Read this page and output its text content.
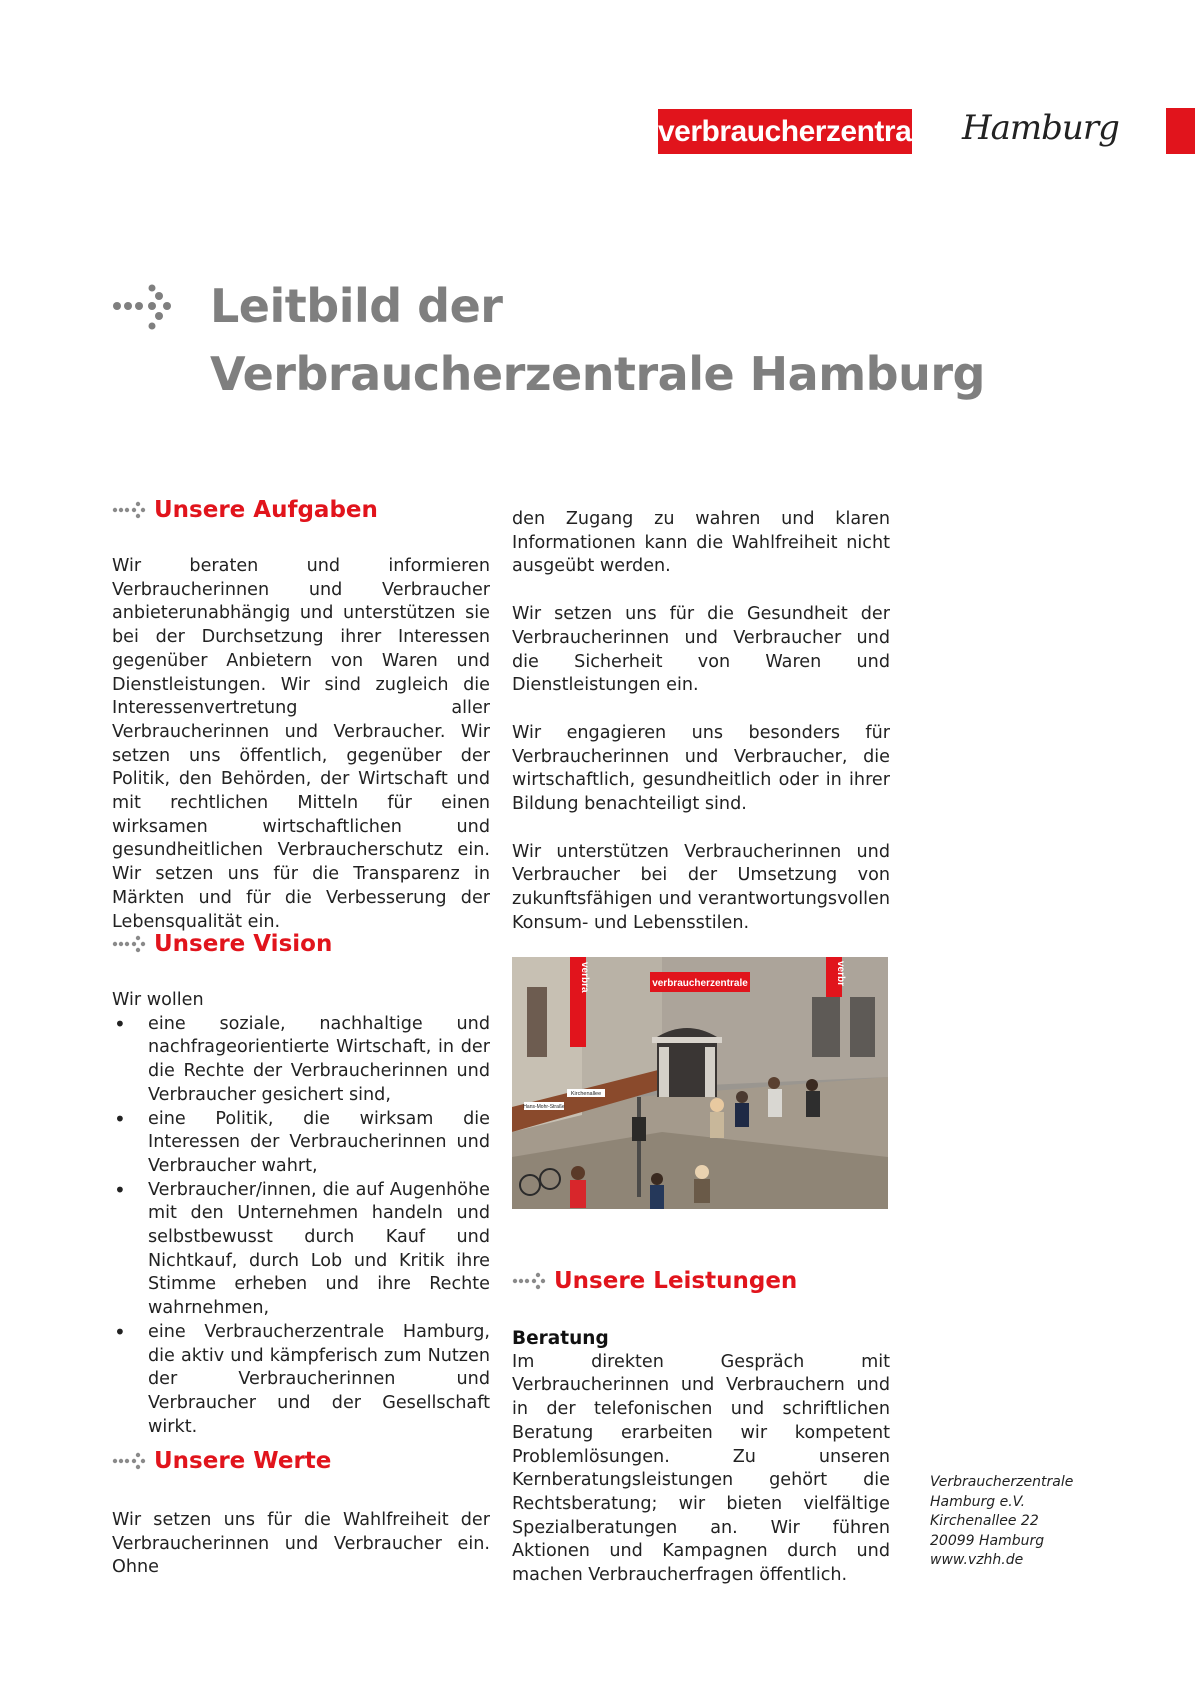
verbraucherzentrale Hamburg
Leitbild der
Verbraucherzentrale Hamburg
Unsere Aufgaben

Wir beraten und informieren Verbraucherinnen und Verbraucher anbieterunabhängig und unterstützen sie bei der Durchsetzung ihrer Interessen gegenüber Anbietern von Waren und Dienstleistungen. Wir sind zugleich die Interessenvertretung aller Verbraucherinnen und Verbraucher. Wir setzen uns öffentlich, gegenüber der Politik, den Behörden, der Wirtschaft und mit rechtlichen Mitteln für einen wirksamen wirtschaftlichen und gesundheitlichen Verbraucherschutz ein. Wir setzen uns für die Transparenz in Märkten und für die Verbesserung der Lebensqualität ein.

Unsere Vision

Wir wollen

• eine soziale, nachhaltige und nachfrageorientierte Wirtschaft, in der die Rechte der Verbraucherinnen und Verbraucher gesichert sind,
• eine Politik, die wirksam die Interessen der Verbraucherinnen und Verbraucher wahrt,
• Verbraucher/innen, die auf Augenhöhe mit den Unternehmen handeln und selbstbewusst durch Kauf und Nichtkauf, durch Lob und Kritik ihre Stimme erheben und ihre Rechte wahrnehmen,
• eine Verbraucherzentrale Hamburg, die aktiv und kämpferisch zum Nutzen der Verbraucherinnen und Verbraucher und der Gesellschaft wirkt.
Unsere Werte

Wir setzen uns für die Wahlfreiheit der Verbraucherinnen und Verbraucher ein. Ohne

den Zugang zu wahren und klaren Informationen kann die Wahlfreiheit nicht ausgeübt werden.

Wir setzen uns für die Gesundheit der Verbraucherinnen und Verbraucher und die Sicherheit von Waren und Dienstleistungen ein.

Wir engagieren uns besonders für Verbraucherinnen und Verbraucher, die wirtschaftlich, gesundheitlich oder in ihrer Bildung benachteiligt sind.

Wir unterstützen Verbraucherinnen und Verbraucher bei der Umsetzung von zukunftsfähigen und verantwortungsvollen Konsum- und Lebensstilen.

verbraucherzentrale
verbra	verbr
Kirchenallee
Hans-Mohr-Straße
Unsere Leistungen

Beratung

Im direkten Gespräch mit Verbraucherinnen und Verbrauchern und in der telefonischen und schriftlichen Beratung erarbeiten wir kompetent Problemlösungen. Zu unseren Kernberatungsleistungen gehört die Rechtsberatung; wir bieten vielfältige Spezialberatungen an. Wir führen Aktionen und Kampagnen durch und machen Verbraucherfragen öffentlich.

Verbraucherzentrale
Hamburg e.V.
Kirchenallee 22
20099 Hamburg
www.vzhh.de
